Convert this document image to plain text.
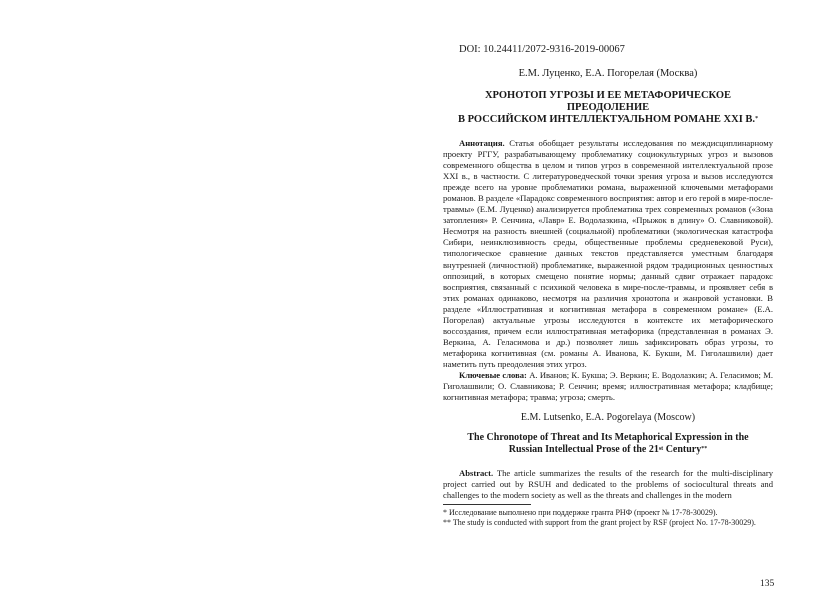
DOI: 10.24411/2072-9316-2019-00067

Е.М. Луценко, Е.А. Погорелая (Москва)

ХРОНОТОП УГРОЗЫ И ЕЕ МЕТАФОРИЧЕСКОЕ
ПРЕОДОЛЕНИЕ
В РОССИЙСКОМ ИНТЕЛЛЕКТУАЛЬНОМ РОМАНЕ XXI В.*

Аннотация. Статья обобщает результаты исследования по междисциплинарному проекту РГГУ, разрабатывающему проблематику социокультурных угроз и вызовов современного общества в целом и типов угроз в современной интеллектуальной прозе XXI в., в частности. С литературоведческой точки зрения угроза и вызов исследуются прежде всего на уровне проблематики романа, выраженной ключевыми метафорами романов. В разделе «Парадокс современного восприятия: автор и его герой в мире-после-травмы» (Е.М. Луценко) анализируется проблематика трех современных романов («Зона затопления» Р. Сенчина, «Лавр» Е. Водолазкина, «Прыжок в длину» О. Славниковой). Несмотря на разность внешней (социальной) проблематики (экологическая катастрофа Сибири, неинклюзивность среды, общественные проблемы средневековой Руси), типологическое сравнение данных текстов представляется уместным благодаря внутренней (личностной) проблематике, выраженной рядом традиционных ценностных оппозиций, в которых смещено понятие нормы; данный сдвиг отражает парадокс восприятия, связанный с психикой человека в мире-после-травмы, и проявляет себя в этих романах одинаково, несмотря на различия хронотопа и жанровой установки. В разделе «Иллюстративная и когнитивная метафора в современном романе» (Е.А. Погорелая) актуальные угрозы исследуются в контексте их метафорического воссоздания, причем если иллюстративная метафорика (представленная в романах Э. Веркина, А. Геласимова и др.) позволяет лишь зафиксировать образ угрозы, то метафорика когнитивная (см. романы А. Иванова, К. Букши, М. Гиголашвили) дает наметить путь преодоления этих угроз.

Ключевые слова: А. Иванов; К. Букша; Э. Веркин; Е. Водолазкин; А. Геласимов; М. Гиголашвили; О. Славникова; Р. Сенчин; время; иллюстративная метафора; кладбище; когнитивная метафора; травма; угроза; смерть.

E.M. Lutsenko, E.A. Pogorelaya (Moscow)

The Chronotope of Threat and Its Metaphorical Expression in the
Russian Intellectual Prose of the 21st Century**

Abstract. The article summarizes the results of the research for the multi-disciplinary project carried out by RSUH and dedicated to the problems of sociocultural threats and challenges to the modern society as well as the threats and challenges in the modern

* Исследование выполнено при поддержке гранта РНФ (проект № 17-78-30029).

** The study is conducted with support from the grant project by RSF (project No. 17-78-30029).

135
